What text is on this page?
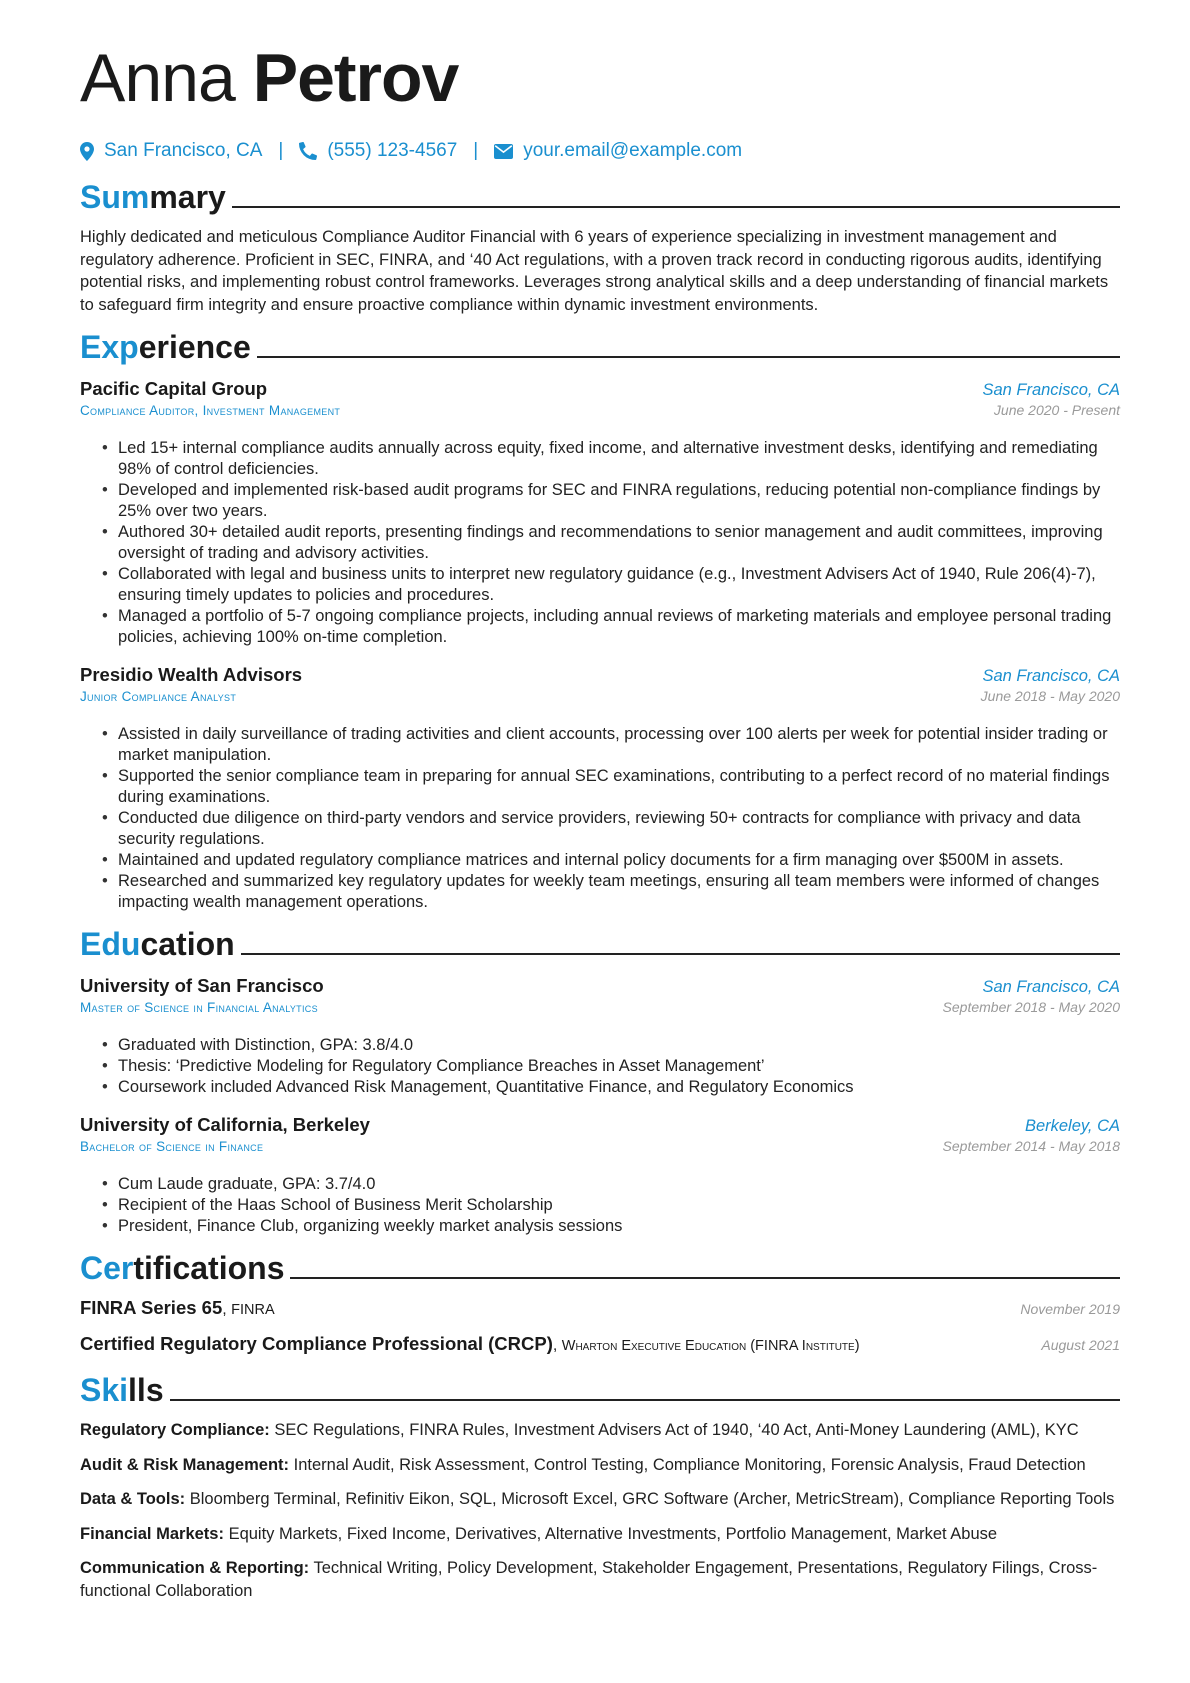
Anna Petrov
San Francisco, CA | (555) 123-4567 | your.email@example.com
Summary
Highly dedicated and meticulous Compliance Auditor Financial with 6 years of experience specializing in investment management and regulatory adherence. Proficient in SEC, FINRA, and ‘40 Act regulations, with a proven track record in conducting rigorous audits, identifying potential risks, and implementing robust control frameworks. Leverages strong analytical skills and a deep understanding of financial markets to safeguard firm integrity and ensure proactive compliance within dynamic investment environments.
Experience
Pacific Capital Group	San Francisco, CA
Compliance Auditor, Investment Management	June 2020 - Present
• Led 15+ internal compliance audits annually across equity, fixed income, and alternative investment desks, identifying and remediating 98% of control deficiencies.
• Developed and implemented risk-based audit programs for SEC and FINRA regulations, reducing potential non-compliance findings by 25% over two years.
• Authored 30+ detailed audit reports, presenting findings and recommendations to senior management and audit committees, improving oversight of trading and advisory activities.
• Collaborated with legal and business units to interpret new regulatory guidance (e.g., Investment Advisers Act of 1940, Rule 206(4)-7), ensuring timely updates to policies and procedures.
• Managed a portfolio of 5-7 ongoing compliance projects, including annual reviews of marketing materials and employee personal trading policies, achieving 100% on-time completion.
Presidio Wealth Advisors	San Francisco, CA
Junior Compliance Analyst	June 2018 - May 2020
• Assisted in daily surveillance of trading activities and client accounts, processing over 100 alerts per week for potential insider trading or market manipulation.
• Supported the senior compliance team in preparing for annual SEC examinations, contributing to a perfect record of no material findings during examinations.
• Conducted due diligence on third-party vendors and service providers, reviewing 50+ contracts for compliance with privacy and data security regulations.
• Maintained and updated regulatory compliance matrices and internal policy documents for a firm managing over $500M in assets.
• Researched and summarized key regulatory updates for weekly team meetings, ensuring all team members were informed of changes impacting wealth management operations.
Education
University of San Francisco	San Francisco, CA
Master of Science in Financial Analytics	September 2018 - May 2020
• Graduated with Distinction, GPA: 3.8/4.0
• Thesis: ‘Predictive Modeling for Regulatory Compliance Breaches in Asset Management’
• Coursework included Advanced Risk Management, Quantitative Finance, and Regulatory Economics
University of California, Berkeley	Berkeley, CA
Bachelor of Science in Finance	September 2014 - May 2018
• Cum Laude graduate, GPA: 3.7/4.0
• Recipient of the Haas School of Business Merit Scholarship
• President, Finance Club, organizing weekly market analysis sessions
Certifications
FINRA Series 65, FINRA	November 2019
Certified Regulatory Compliance Professional (CRCP), Wharton Executive Education (FINRA Institute)	August 2021
Skills
Regulatory Compliance: SEC Regulations, FINRA Rules, Investment Advisers Act of 1940, ‘40 Act, Anti-Money Laundering (AML), KYC
Audit & Risk Management: Internal Audit, Risk Assessment, Control Testing, Compliance Monitoring, Forensic Analysis, Fraud Detection
Data & Tools: Bloomberg Terminal, Refinitiv Eikon, SQL, Microsoft Excel, GRC Software (Archer, MetricStream), Compliance Reporting Tools
Financial Markets: Equity Markets, Fixed Income, Derivatives, Alternative Investments, Portfolio Management, Market Abuse
Communication & Reporting: Technical Writing, Policy Development, Stakeholder Engagement, Presentations, Regulatory Filings, Cross-functional Collaboration
